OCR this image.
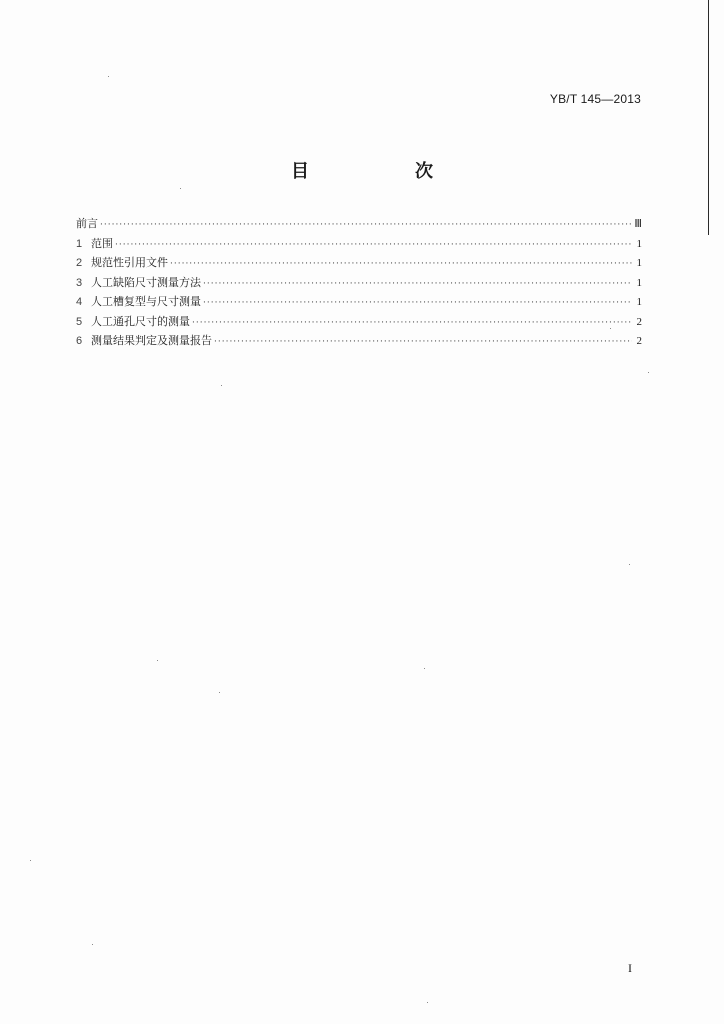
YB/T 145—2013
目　次
前言 ·····	Ⅲ
1 范围 ·····	1
2 规范性引用文件 ·····	1
3 人工缺陷尺寸测量方法 ·····	1
4 人工槽复型与尺寸测量 ·····	1
5 人工通孔尺寸的测量 ·····	2
6 测量结果判定及测量报告 ·····	2
I
